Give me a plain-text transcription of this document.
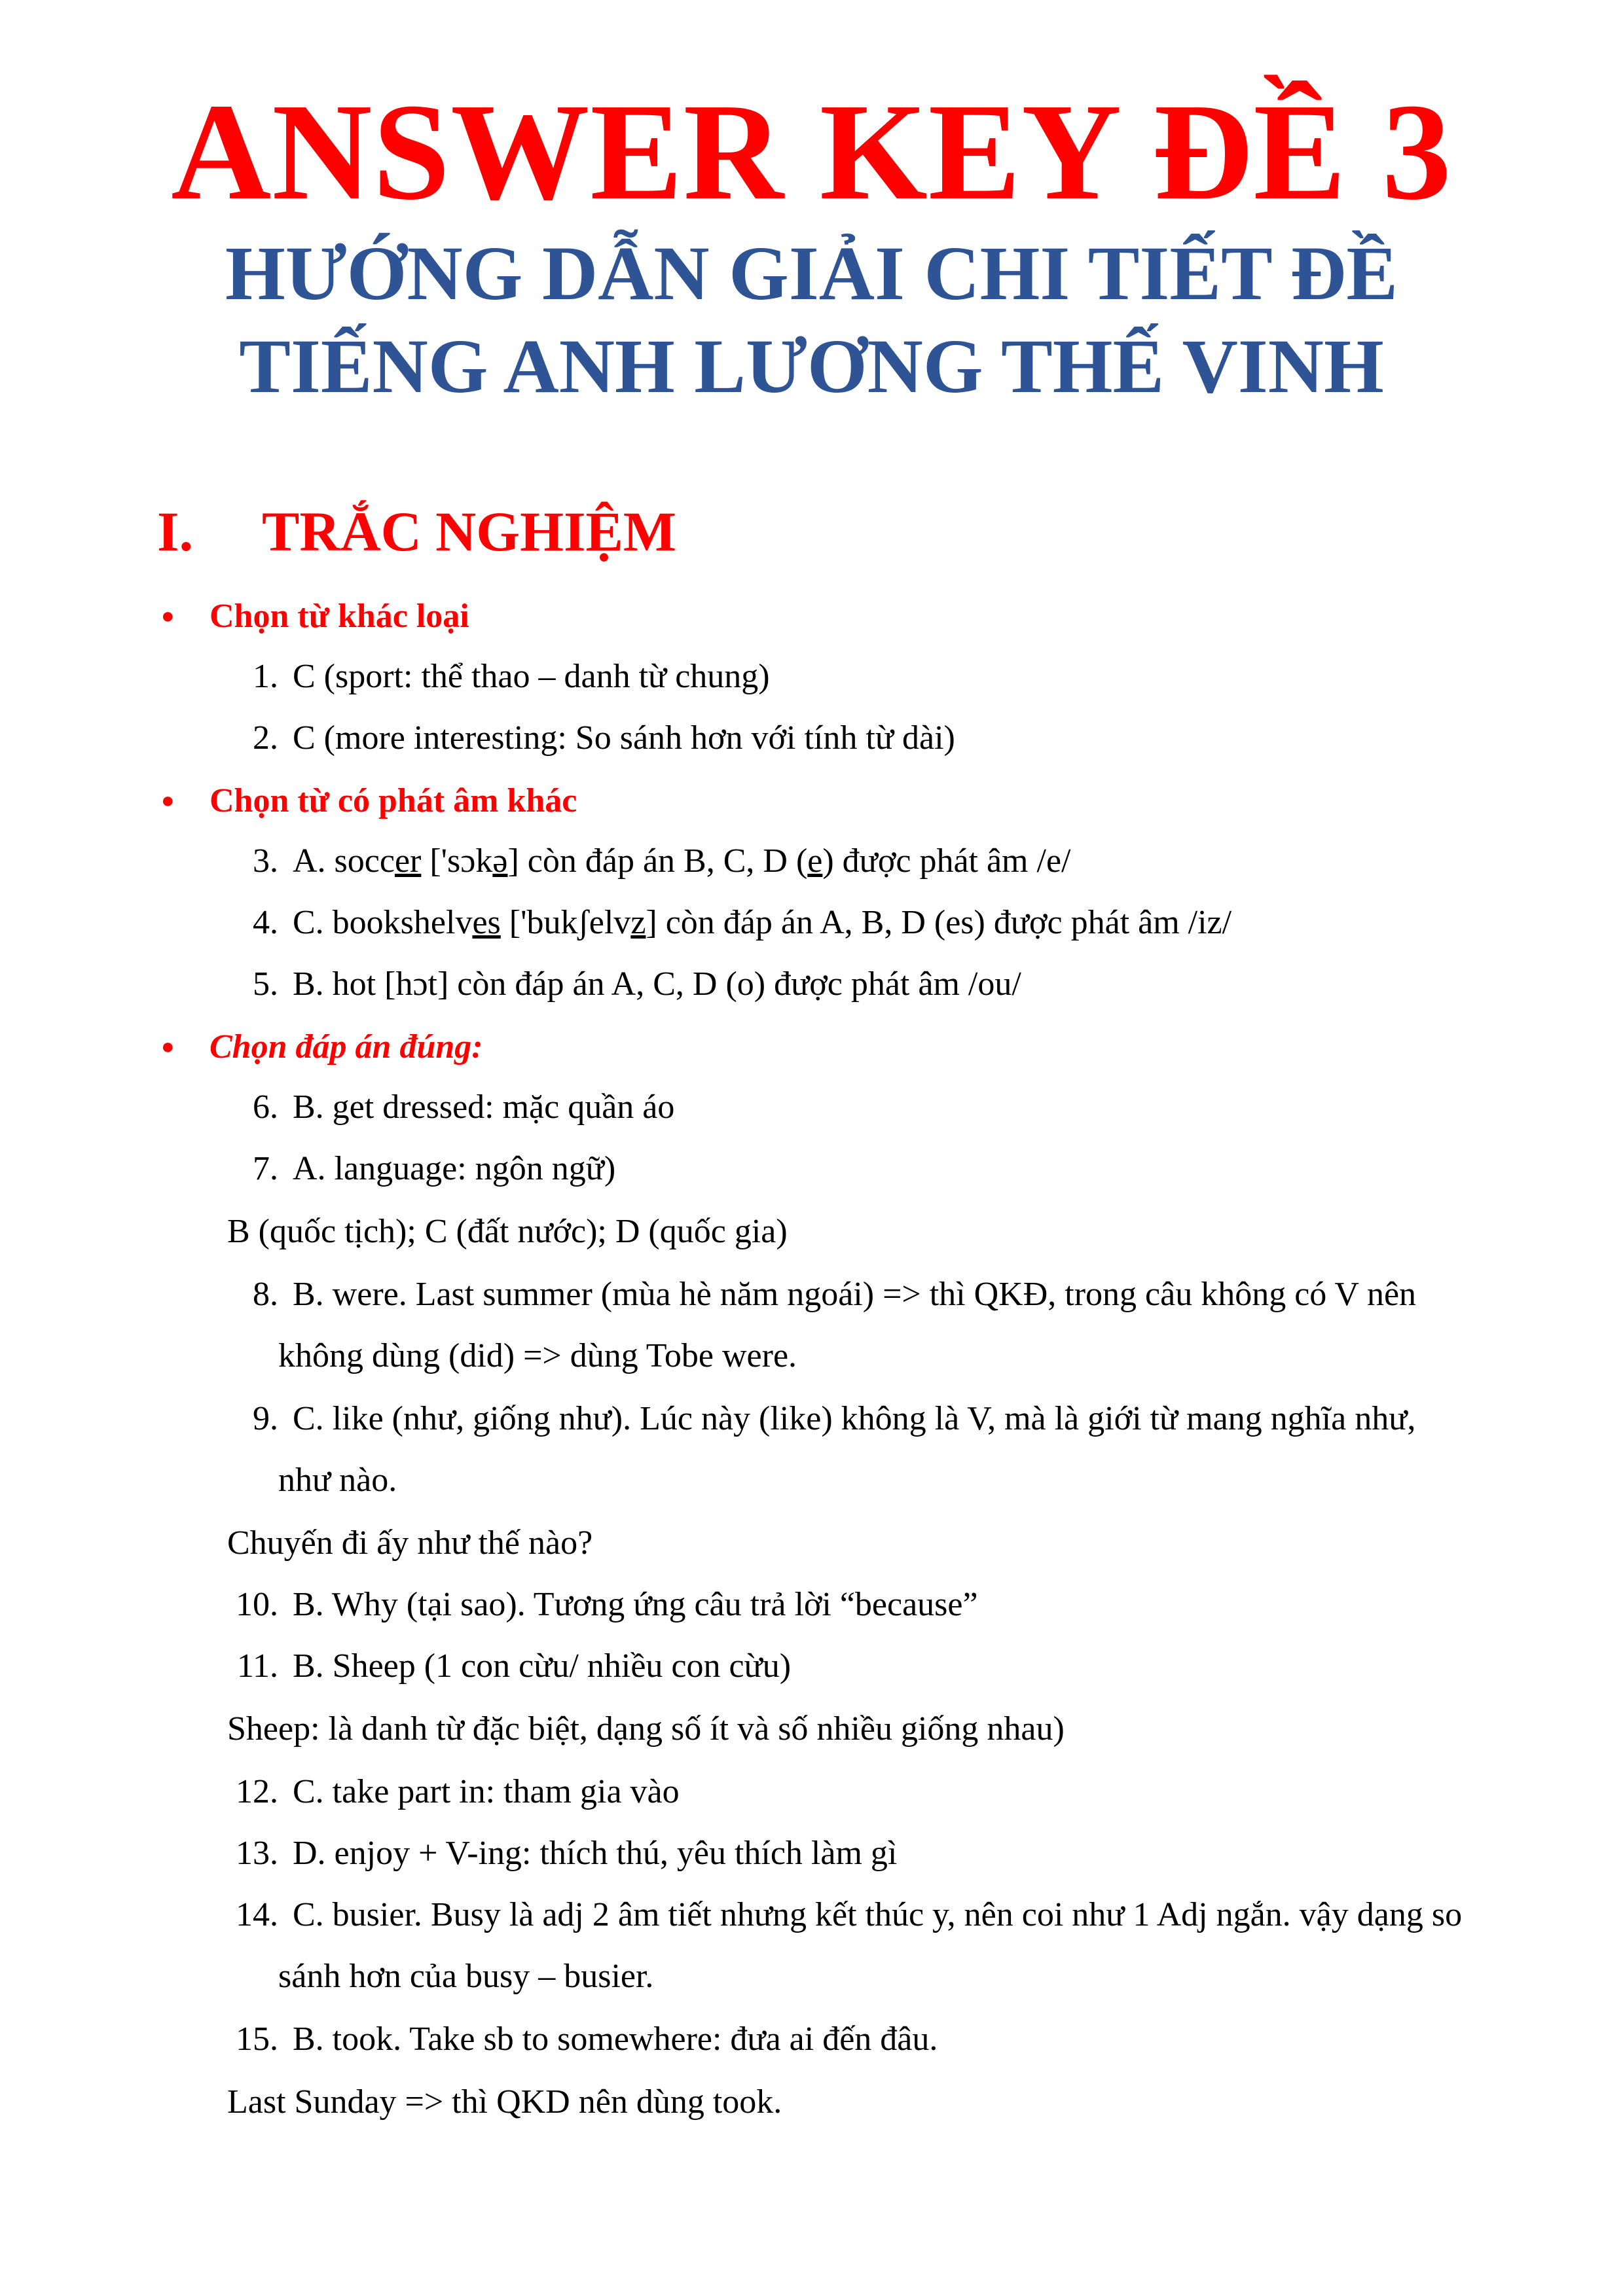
ANSWER KEY ĐỀ 3
HƯỚNG DẪN GIẢI CHI TIẾT ĐỀ
TIẾNG ANH LƯƠNG THẾ VINH
I. TRẮC NGHIỆM
● Chọn từ khác loại
1. C (sport: thể thao – danh từ chung)
2. C (more interesting: So sánh hơn với tính từ dài)
● Chọn từ có phát âm khác
3. A. soccer ['sɔkə] còn đáp án B, C, D (e) được phát âm /e/
4. C. bookshelves ['bukʃelvz] còn đáp án A, B, D (es) được phát âm /iz/
5. B. hot [hɔt] còn đáp án A, C, D (o) được phát âm /ou/
● Chọn đáp án đúng:
6. B. get dressed: mặc quần áo
7. A. language: ngôn ngữ)
B (quốc tịch); C (đất nước); D (quốc gia)
8. B. were. Last summer (mùa hè năm ngoái) => thì QKĐ, trong câu không có V nên
không dùng (did) => dùng Tobe were.
9. C. like (như, giống như). Lúc này (like) không là V, mà là giới từ mang nghĩa như,
như nào.
Chuyến đi ấy như thế nào?
10. B. Why (tại sao). Tương ứng câu trả lời “because”
11. B. Sheep (1 con cừu/ nhiều con cừu)
Sheep: là danh từ đặc biệt, dạng số ít và số nhiều giống nhau)
12. C. take part in: tham gia vào
13. D. enjoy + V-ing: thích thú, yêu thích làm gì
14. C. busier. Busy là adj 2 âm tiết nhưng kết thúc y, nên coi như 1 Adj ngắn. vậy dạng so
sánh hơn của busy – busier.
15. B. took. Take sb to somewhere: đưa ai đến đâu.
Last Sunday => thì QKD nên dùng took.
